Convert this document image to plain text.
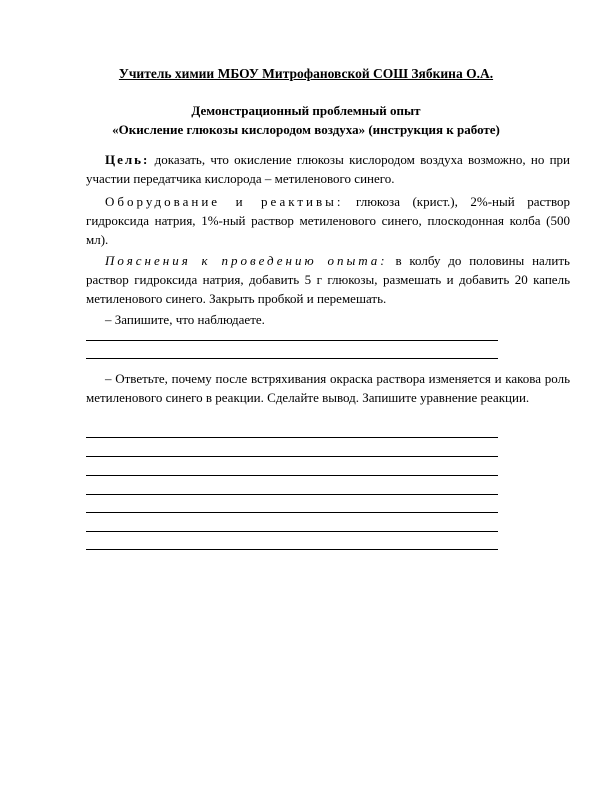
Учитель химии МБОУ Митрофановской СОШ Зябкина О.А.
Демонстрационный проблемный опыт
«Окисление глюкозы кислородом воздуха» (инструкция к работе)
Цель: доказать, что окисление глюкозы кислородом воздуха возможно, но при участии передатчика кислорода – метиленового синего.
Оборудование и реактивы: глюкоза (крист.), 2%-ный раствор гидроксида натрия, 1%-ный раствор метиленового синего, плоскодонная колба (500 мл).
Пояснения к проведению опыта: в колбу до половины налить раствор гидроксида натрия, добавить 5 г глюкозы, размешать и добавить 20 капель метиленового синего. Закрыть пробкой и перемешать.
– Запишите, что наблюдаете.
– Ответьте, почему после встряхивания окраска раствора изменяется и какова роль метиленового синего в реакции. Сделайте вывод. Запишите уравнение реакции.
